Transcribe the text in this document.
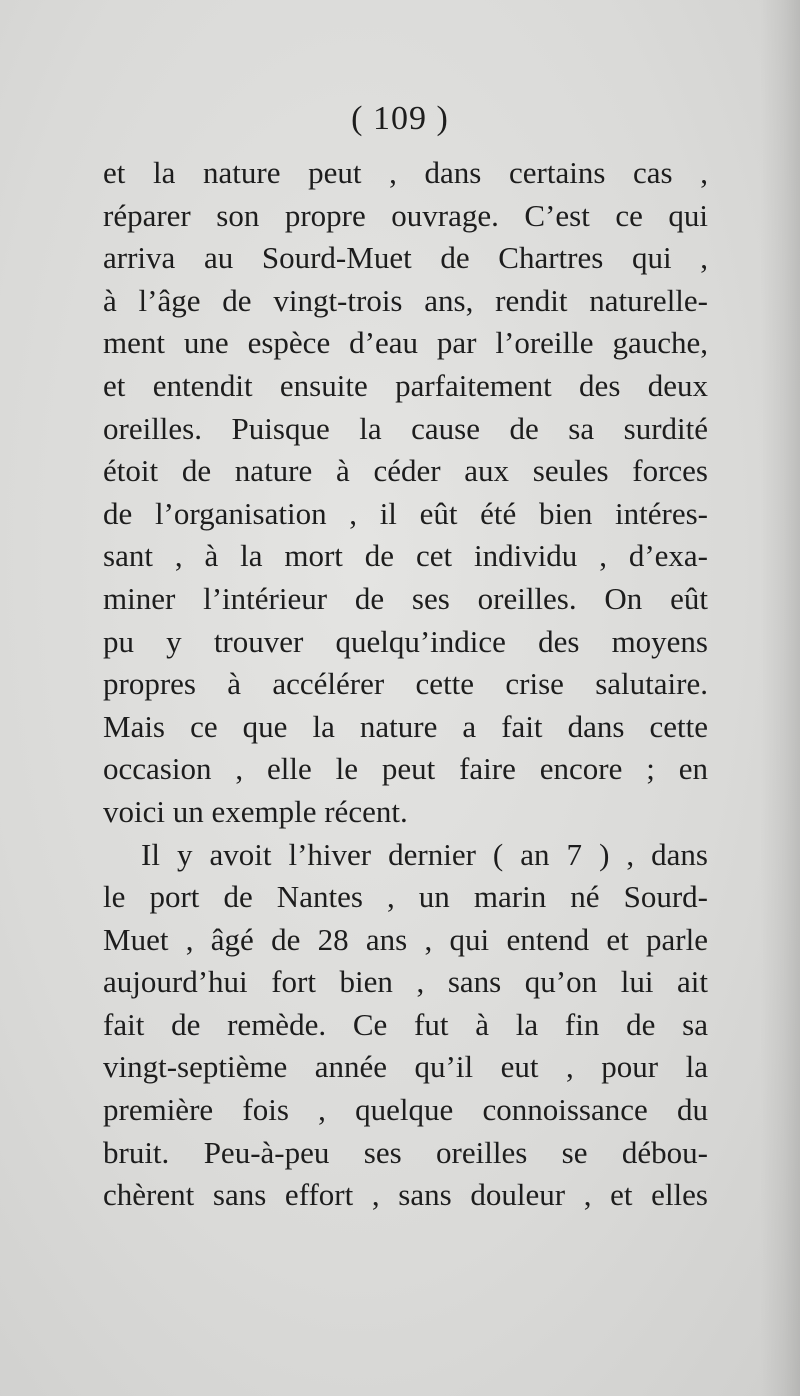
( 109 )
et la nature peut , dans certains cas ,
réparer son propre ouvrage. C’est ce qui
arriva au Sourd-Muet de Chartres qui ,
à l’âge de vingt-trois ans, rendit naturelle-
ment une espèce d’eau par l’oreille gauche,
et entendit ensuite parfaitement des deux
oreilles. Puisque la cause de sa surdité
étoit de nature à céder aux seules forces
de l’organisation , il eût été bien intéres-
sant , à la mort de cet individu , d’exa-
miner l’intérieur de ses oreilles. On eût
pu y trouver quelqu’indice des moyens
propres à accélérer cette crise salutaire.
Mais ce que la nature a fait dans cette
occasion , elle le peut faire encore ; en
voici un exemple récent.
Il y avoit l’hiver dernier ( an 7 ) , dans
le port de Nantes , un marin né Sourd-
Muet , âgé de 28 ans , qui entend et parle
aujourd’hui fort bien , sans qu’on lui ait
fait de remède. Ce fut à la fin de sa
vingt-septième année qu’il eut , pour la
première fois , quelque connoissance du
bruit. Peu-à-peu ses oreilles se débou-
chèrent sans effort , sans douleur , et elles
